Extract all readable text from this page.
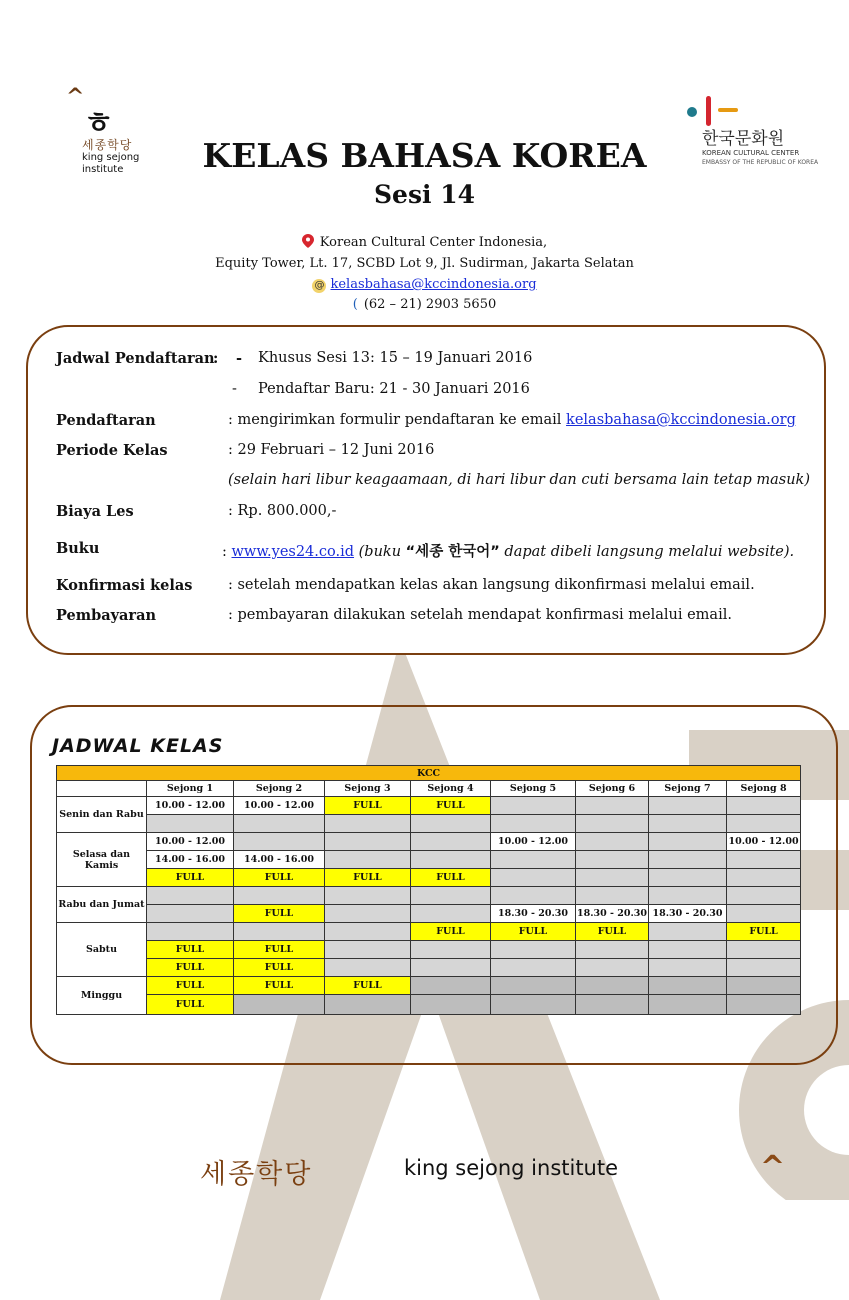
^
ㅎ
세종학당
king sejong
institute
한국문화원
KOREAN CULTURAL CENTER
EMBASSY OF THE REPUBLIC OF KOREA
KELAS BAHASA KOREA
Sesi 14
Korean Cultural Center Indonesia,
Equity Tower, Lt. 17, SCBD Lot 9, Jl. Sudirman, Jakarta Selatan
@ kelasbahasa@kccindonesia.org
( (62 – 21) 2903 5650
Jadwal Pendaftaran
: - Khusus Sesi 13: 15 – 19 Januari 2016
- Pendaftar Baru: 21 - 30 Januari 2016
Pendaftaran	: mengirimkan formulir pendaftaran ke email kelasbahasa@kccindonesia.org
Periode Kelas	: 29 Februari – 12 Juni 2016
(selain hari libur keagaamaan, di hari libur dan cuti bersama lain tetap masuk)
Biaya Les	: Rp. 800.000,-
Buku	: www.yes24.co.id (buku “세종 한국어” dapat dibeli langsung melalui website).
Konfirmasi kelas : setelah mendapatkan kelas akan langsung dikonfirmasi melalui email.
Pembayaran	: pembayaran dilakukan setelah mendapat konfirmasi melalui email.
JADWAL KELAS
KCC								
	Sejong 1	Sejong 2	Sejong 3	Sejong 4	Sejong 5	Sejong 6	Sejong 7	Sejong 8
Senin dan Rabu	10.00 - 12.00	10.00 - 12.00	FULL	FULL				

Selasa dan Kamis	10.00 - 12.00				10.00 - 12.00			10.00 - 12.00
	14.00 - 16.00	14.00 - 16.00						
	FULL	FULL	FULL	FULL				
Rabu dan Jumat								
		FULL			18.30 - 20.30	18.30 - 20.30	18.30 - 20.30	
Sabtu				FULL	FULL	FULL		FULL
	FULL	FULL						
	FULL	FULL						
Minggu	FULL	FULL	FULL					
	FULL							
세종학당	king sejong institute	^
